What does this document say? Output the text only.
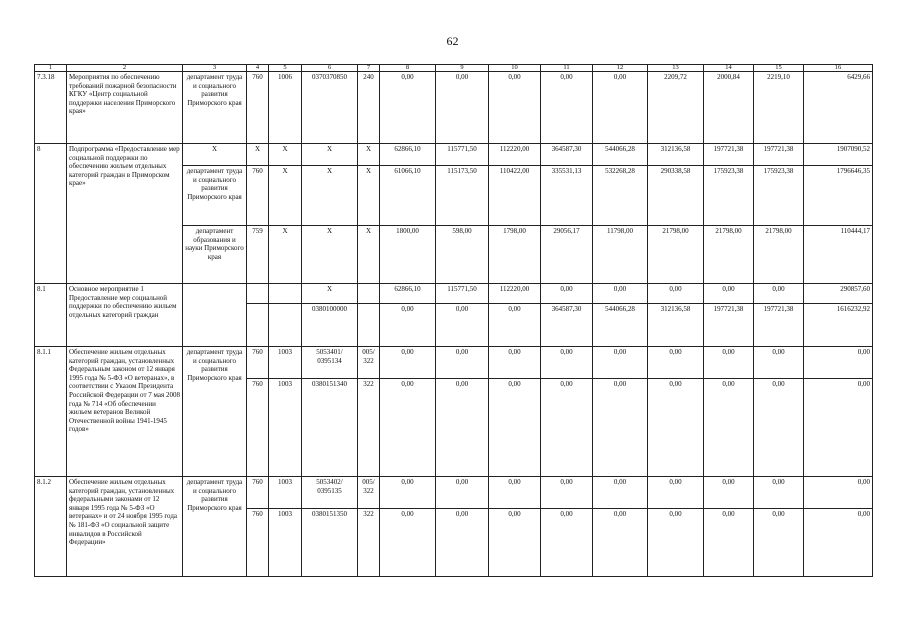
62
1	2	3	4	5	6	7	8	9	10	11	12	13	14	15	16
7.3.18	Мероприятия по обеспечению требований пожарной безопасности КГКУ «Центр социальной поддержки населения Приморского края»	департамент труда и социального развития Приморского края	760	1006	0370370850	240	0,00	0,00	0,00	0,00	0,00	2209,72	2000,84	2219,10	6429,66
8	Подпрограмма «Предоставление мер социальной поддержки по обеспечению жильем отдельных категорий граждан в Приморском крае»	Х	Х	Х	Х	Х	62866,10	115771,50	112220,00	364587,30	544066,28	312136,58	197721,38	197721,38	1907090,52
		департамент труда и социального развития Приморского края	760	Х	Х	Х	61066,10	115173,50	110422,00	335531,13	532268,28	290338,58	175923,38	175923,38	1796646,35
		департамент образования и науки Приморского края	759	Х	Х	Х	1800,00	598,00	1798,00	29056,17	11798,00	21798,00	21798,00	21798,00	110444,17
8.1	Основное мероприятие 1 Предоставление мер социальной поддержки по обеспечению жильем отдельных категорий граждан				Х		62866,10	115771,50	112220,00	0,00	0,00	0,00	0,00	0,00	290857,60
					0380100000		0,00	0,00	0,00	364587,30	544066,28	312136,58	197721,38	197721,38	1616232,92
8.1.1	Обеспечение жильем отдельных категорий граждан, установленных Федеральным законом от 12 января 1995 года № 5-ФЗ «О ветеранах», в соответствии с Указом Президента Российской Федерации от 7 мая 2008 года № 714 «Об обеспечении жильем ветеранов Великой Отечественной войны 1941-1945 годов»	департамент труда и социального развития Приморского края	760	1003	5053401/ 0395134	005/ 322	0,00	0,00	0,00	0,00	0,00	0,00	0,00	0,00	0,00
			760	1003	0380151340	322	0,00	0,00	0,00	0,00	0,00	0,00	0,00	0,00	0,00
8.1.2	Обеспечение жильем отдельных категорий граждан, установленных федеральными законами от 12 января 1995 года № 5-ФЗ «О ветеранах» и от 24 ноября 1995 года № 181-ФЗ «О социальной защите инвалидов в Российской Федерации»	департамент труда и социального развития Приморского края	760	1003	5053402/ 0395135	005/ 322	0,00	0,00	0,00	0,00	0,00	0,00	0,00	0,00	0,00
			760	1003	0380151350	322	0,00	0,00	0,00	0,00	0,00	0,00	0,00	0,00	0,00
